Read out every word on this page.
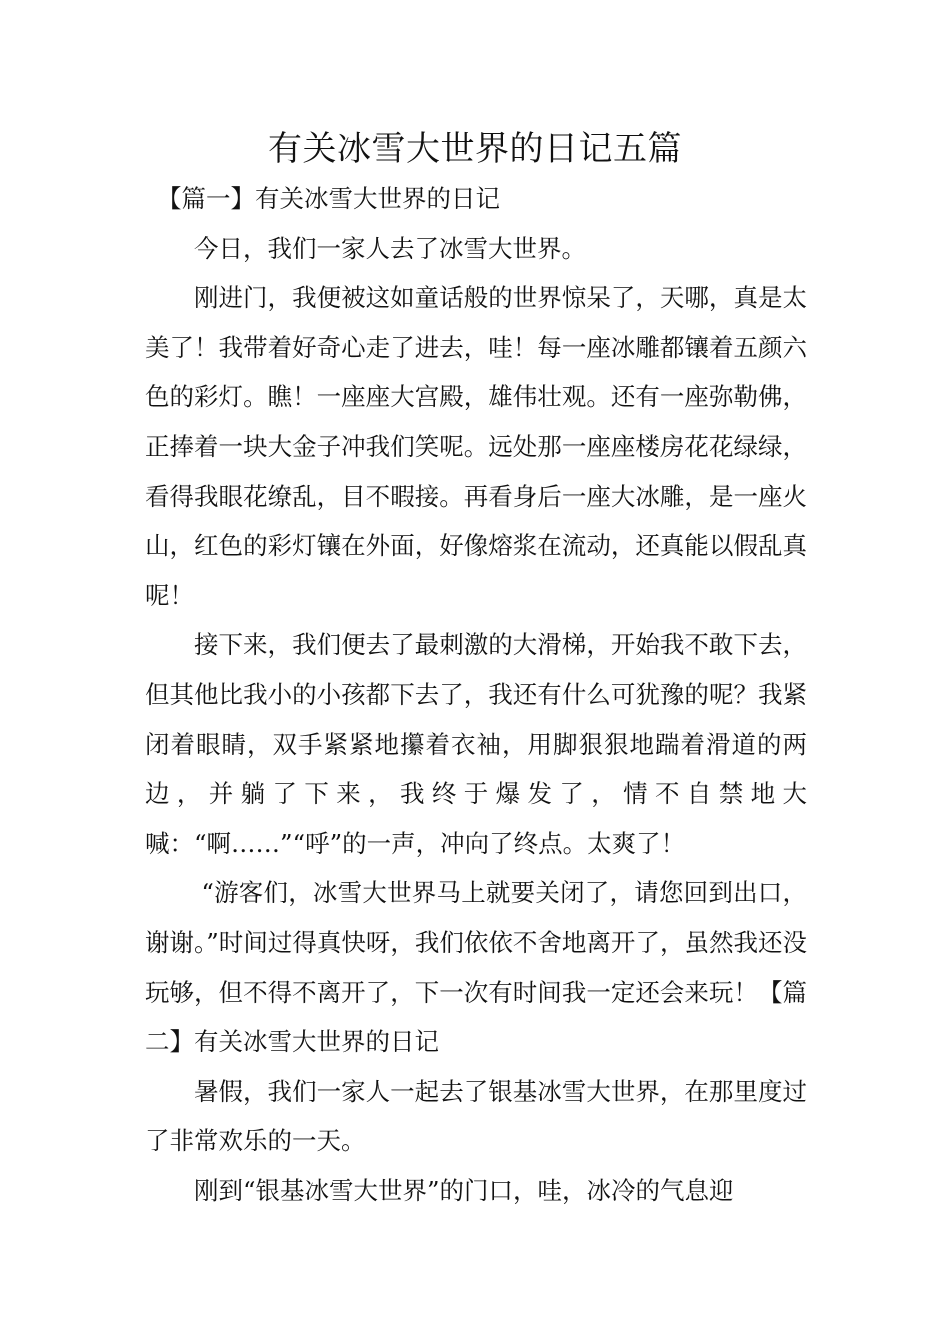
有关冰雪大世界的日记五篇

【篇一】有关冰雪大世界的日记

今日，我们一家人去了冰雪大世界。

刚进门，我便被这如童话般的世界惊呆了，天哪，真是太美了！我带着好奇心走了进去，哇！每一座冰雕都镶着五颜六色的彩灯。瞧！一座座大宫殿，雄伟壮观。还有一座弥勒佛，正捧着一块大金子冲我们笑呢。远处那一座座楼房花花绿绿，看得我眼花缭乱，目不暇接。再看身后一座大冰雕，是一座火山，红色的彩灯镶在外面，好像熔浆在流动，还真能以假乱真呢！

接下来，我们便去了最刺激的大滑梯，开始我不敢下去，但其他比我小的小孩都下去了，我还有什么可犹豫的呢？我紧闭着眼睛，双手紧紧地攥着衣袖，用脚狠狠地踹着滑道的两边，并躺了下来，我终于爆发了，情不自禁地大喊：“啊……”“呼”的一声，冲向了终点。太爽了！

“游客们，冰雪大世界马上就要关闭了，请您回到出口，谢谢。”时间过得真快呀，我们依依不舍地离开了，虽然我还没玩够，但不得不离开了，下一次有时间我一定还会来玩！【篇二】有关冰雪大世界的日记

暑假，我们一家人一起去了银基冰雪大世界，在那里度过了非常欢乐的一天。

刚到“银基冰雪大世界”的门口，哇，冰冷的气息迎
